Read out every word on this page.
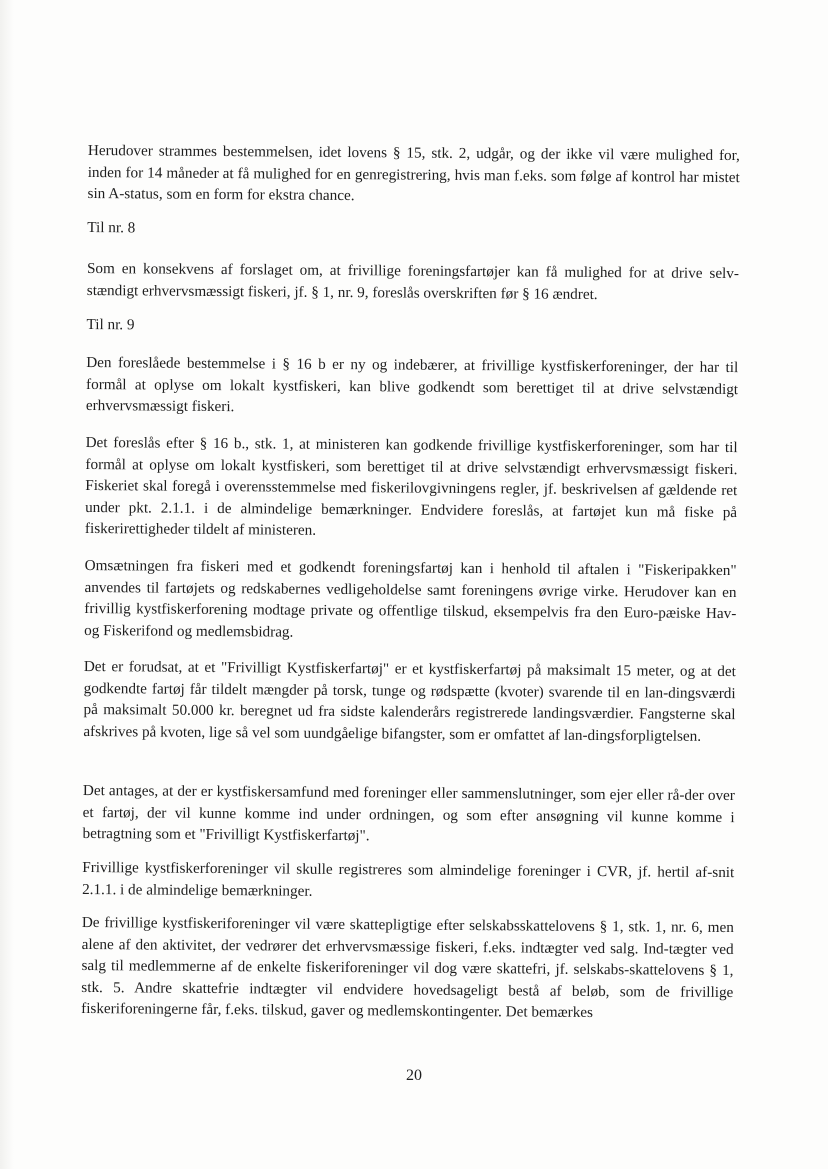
Herudover strammes bestemmelsen, idet lovens § 15, stk. 2, udgår, og der ikke vil være mulighed for, inden for 14 måneder at få mulighed for en genregistrering, hvis man f.eks. som følge af kontrol har mistet sin A-status, som en form for ekstra chance.

Til nr. 8

Som en konsekvens af forslaget om, at frivillige foreningsfartøjer kan få mulighed for at drive selv-stændigt erhvervsmæssigt fiskeri, jf. § 1, nr. 9, foreslås overskriften før § 16 ændret.

Til nr. 9

Den foreslåede bestemmelse i § 16 b er ny og indebærer, at frivillige kystfiskerforeninger, der har til formål at oplyse om lokalt kystfiskeri, kan blive godkendt som berettiget til at drive selvstændigt erhvervsmæssigt fiskeri.

Det foreslås efter § 16 b., stk. 1, at ministeren kan godkende frivillige kystfiskerforeninger, som har til formål at oplyse om lokalt kystfiskeri, som berettiget til at drive selvstændigt erhvervsmæssigt fiskeri. Fiskeriet skal foregå i overensstemmelse med fiskerilovgivningens regler, jf. beskrivelsen af gældende ret under pkt. 2.1.1. i de almindelige bemærkninger. Endvidere foreslås, at fartøjet kun må fiske på fiskerirettigheder tildelt af ministeren.

Omsætningen fra fiskeri med et godkendt foreningsfartøj kan i henhold til aftalen i "Fiskeripakken" anvendes til fartøjets og redskabernes vedligeholdelse samt foreningens øvrige virke. Herudover kan en frivillig kystfiskerforening modtage private og offentlige tilskud, eksempelvis fra den Euro-pæiske Hav- og Fiskerifond og medlemsbidrag.

Det er forudsat, at et "Frivilligt Kystfiskerfartøj" er et kystfiskerfartøj på maksimalt 15 meter, og at det godkendte fartøj får tildelt mængder på torsk, tunge og rødspætte (kvoter) svarende til en lan-dingsværdi på maksimalt 50.000 kr. beregnet ud fra sidste kalenderårs registrerede landingsværdier. Fangsterne skal afskrives på kvoten, lige så vel som uundgåelige bifangster, som er omfattet af lan-dingsforpligtelsen.

Det antages, at der er kystfiskersamfund med foreninger eller sammenslutninger, som ejer eller rå-der over et fartøj, der vil kunne komme ind under ordningen, og som efter ansøgning vil kunne komme i betragtning som et "Frivilligt Kystfiskerfartøj".

Frivillige kystfiskerforeninger vil skulle registreres som almindelige foreninger i CVR, jf. hertil af-snit 2.1.1. i de almindelige bemærkninger.

De frivillige kystfiskeriforeninger vil være skattepligtige efter selskabsskattelovens § 1, stk. 1, nr. 6, men alene af den aktivitet, der vedrører det erhvervsmæssige fiskeri, f.eks. indtægter ved salg. Ind-tægter ved salg til medlemmerne af de enkelte fiskeriforeninger vil dog være skattefri, jf. selskabs-skattelovens § 1, stk. 5. Andre skattefrie indtægter vil endvidere hovedsageligt bestå af beløb, som de frivillige fiskeriforeningerne får, f.eks. tilskud, gaver og medlemskontingenter. Det bemærkes

20
